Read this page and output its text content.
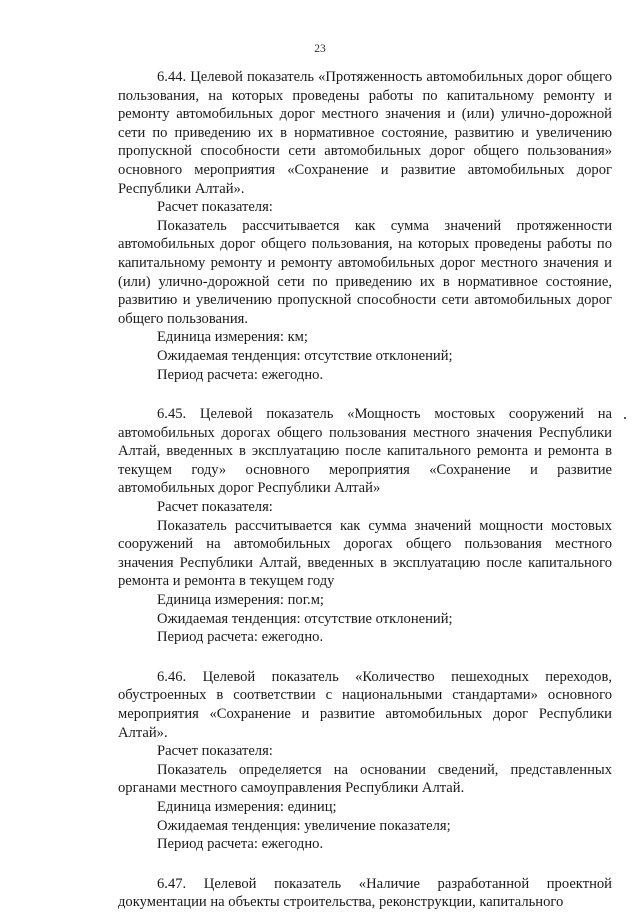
23

6.44. Целевой показатель «Протяженность автомобильных дорог общего пользования, на которых проведены работы по капитальному ремонту и ремонту автомобильных дорог местного значения и (или) улично-дорожной сети по приведению их в нормативное состояние, развитию и увеличению пропускной способности сети автомобильных дорог общего пользования» основного мероприятия «Сохранение и развитие автомобильных дорог Республики Алтай».

Расчет показателя:

Показатель рассчитывается как сумма значений протяженности автомобильных дорог общего пользования, на которых проведены работы по капитальному ремонту и ремонту автомобильных дорог местного значения и (или) улично-дорожной сети по приведению их в нормативное состояние, развитию и увеличению пропускной способности сети автомобильных дорог общего пользования.

Единица измерения: км;

Ожидаемая тенденция: отсутствие отклонений;

Период расчета: ежегодно.

6.45. Целевой показатель «Мощность мостовых сооружений на автомобильных дорогах общего пользования местного значения Республики Алтай, введенных в эксплуатацию после капитального ремонта и ремонта в текущем году» основного мероприятия «Сохранение и развитие автомобильных дорог Республики Алтай»

Расчет показателя:

Показатель рассчитывается как сумма значений мощности мостовых сооружений на автомобильных дорогах общего пользования местного значения Республики Алтай, введенных в эксплуатацию после капитального ремонта и ремонта в текущем году

Единица измерения: пог.м;

Ожидаемая тенденция: отсутствие отклонений;

Период расчета: ежегодно.

6.46. Целевой показатель «Количество пешеходных переходов, обустроенных в соответствии с национальными стандартами» основного мероприятия «Сохранение и развитие автомобильных дорог Республики Алтай».

Расчет показателя:

Показатель определяется на основании сведений, представленных органами местного самоуправления Республики Алтай.

Единица измерения: единиц;

Ожидаемая тенденция: увеличение показателя;

Период расчета: ежегодно.

6.47. Целевой показатель «Наличие разработанной проектной документации на объекты строительства, реконструкции, капитального
